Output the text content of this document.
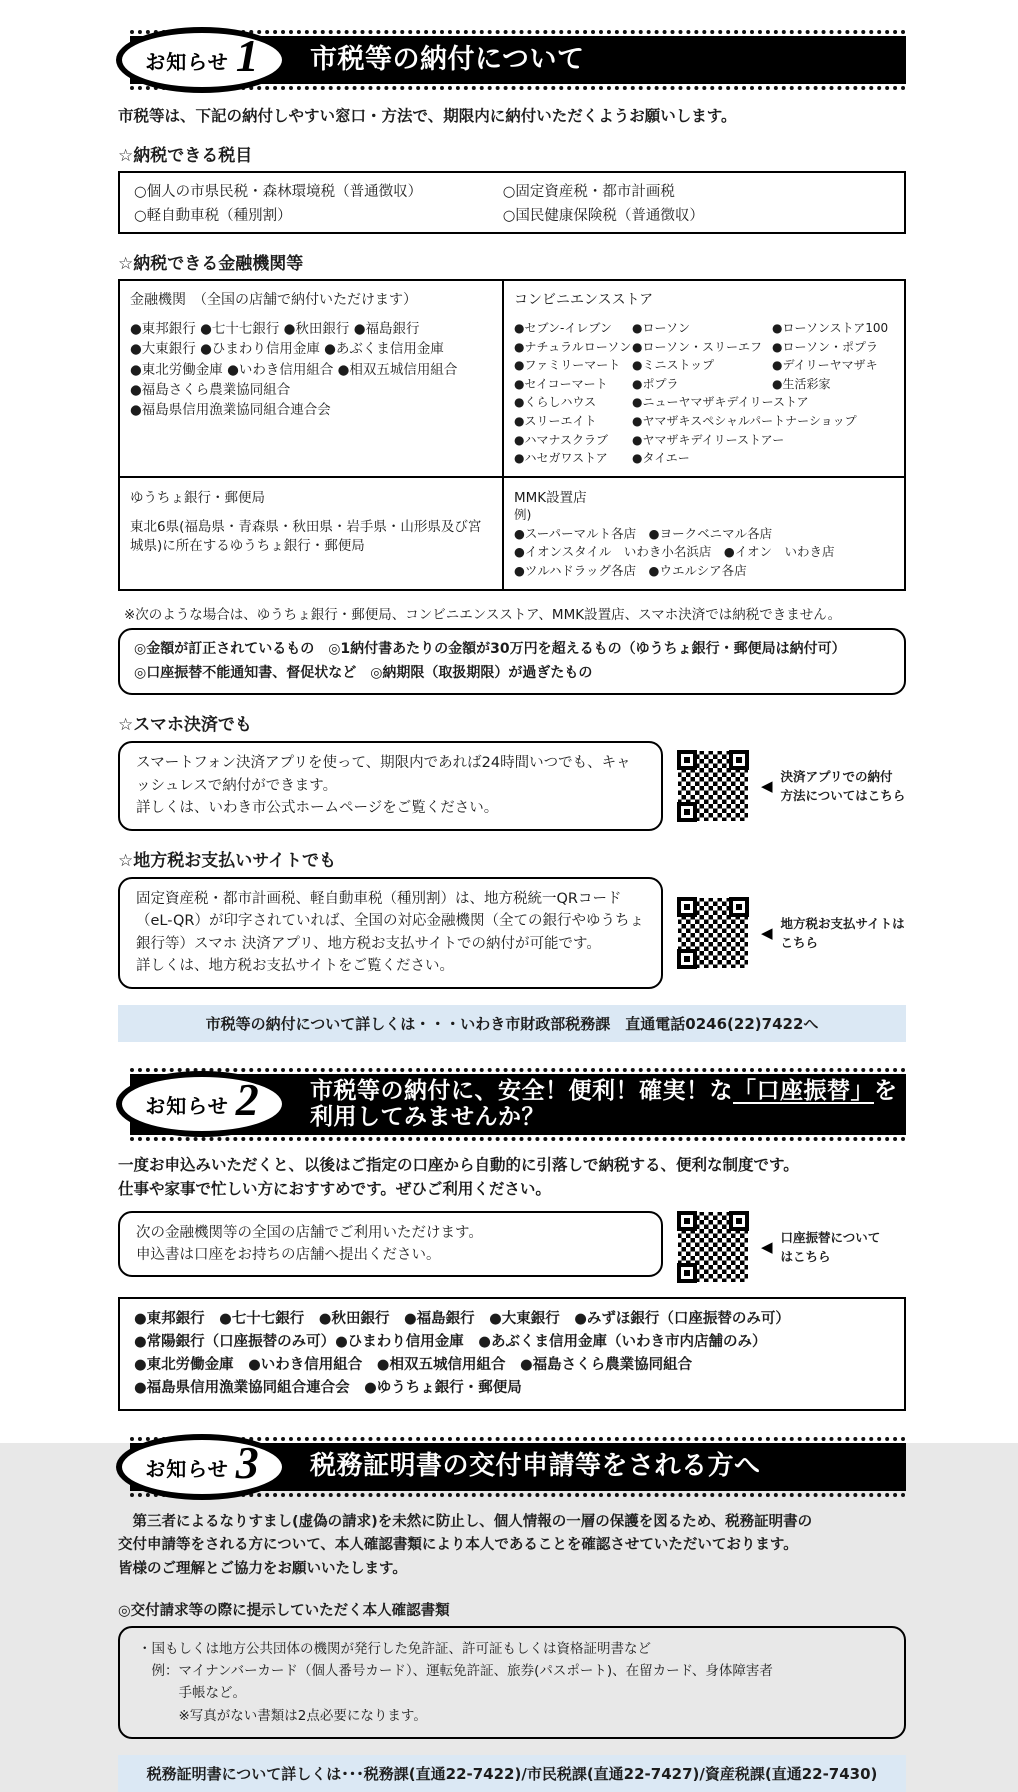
お知らせ 1 市税等の納付について
市税等は、下記の納付しやすい窓口・方法で、期限内に納付いただくようお願いします。
☆納税できる税目
○個人の市県民税・森林環境税（普通徴収）	○固定資産税・都市計画税
○軽自動車税（種別割）	○国民健康保険税（普通徴収）
☆納税できる金融機関等
金融機関　（全国の店舗で納付いただけます）
●東邦銀行 ●七十七銀行 ●秋田銀行 ●福島銀行
●大東銀行 ●ひまわり信用金庫 ●あぶくま信用金庫
●東北労働金庫 ●いわき信用組合 ●相双五城信用組合
●福島さくら農業協同組合
●福島県信用漁業協同組合連合会
コンビニエンスストア
●セブン-イレブン	●ローソン	●ローソンストア100
●ナチュラルローソン ●ローソン・スリーエフ ●ローソン・ポプラ
●ファミリーマート ●ミニストップ	●デイリーヤマザキ
●セイコーマート	●ポプラ	●生活彩家
●くらしハウス	●ニューヤマザキデイリーストア
●スリーエイト	●ヤマザキスペシャルパートナーショップ
●ハマナスクラブ	●ヤマザキデイリーストアー
●ハセガワストア	●タイエー
ゆうちょ銀行・郵便局
東北6県(福島県・青森県・秋田県・岩手県・山形県及び宮城県)に所在するゆうちょ銀行・郵便局
MMK設置店
例)
●スーパーマルト各店　●ヨークベニマル各店
●イオンスタイル　いわき小名浜店　●イオン　いわき店
●ツルハドラッグ各店　●ウエルシア各店
※次のような場合は、ゆうちょ銀行・郵便局、コンビニエンスストア、MMK設置店、スマホ決済では納税できません。
◎金額が訂正されているもの　◎1納付書あたりの金額が30万円を超えるもの（ゆうちょ銀行・郵便局は納付可）
◎口座振替不能通知書、督促状など　◎納期限（取扱期限）が過ぎたもの
☆スマホ決済でも
スマートフォン決済アプリを使って、期限内であれば24時間いつでも、キャッシュレスで納付ができます。
詳しくは、いわき市公式ホームページをご覧ください。
◀
決済アプリでの納付
方法についてはこちら
☆地方税お支払いサイトでも
固定資産税・都市計画税、軽自動車税（種別割）は、地方税統一QRコード（eL-QR）が印字されていれば、全国の対応金融機関（全ての銀行やゆうちょ銀行等）スマホ 決済アプリ、地方税お支払サイトでの納付が可能です。
詳しくは、地方税お支払サイトをご覧ください。
◀
地方税お支払サイトは
こちら
市税等の納付について詳しくは・・・いわき市財政部税務課　直通電話0246(22)7422へ
お知らせ 2 市税等の納付に、安全！便利！確実！な「口座振替」を
利用してみませんか？
一度お申込みいただくと、以後はご指定の口座から自動的に引落しで納税する、便利な制度です。
仕事や家事で忙しい方におすすめです。ぜひご利用ください。
次の金融機関等の全国の店舗でご利用いただけます。
申込書は口座をお持ちの店舗へ提出ください。	◀
口座振替について
はこちら
●東邦銀行　●七十七銀行　●秋田銀行　●福島銀行　●大東銀行　●みずほ銀行（口座振替のみ可）
●常陽銀行（口座振替のみ可）●ひまわり信用金庫　●あぶくま信用金庫（いわき市内店舗のみ）
●東北労働金庫　●いわき信用組合　●相双五城信用組合　●福島さくら農業協同組合
●福島県信用漁業協同組合連合会　●ゆうちょ銀行・郵便局
お知らせ 3 税務証明書の交付申請等をされる方へ
　第三者によるなりすまし(虚偽の請求)を未然に防止し、個人情報の一層の保護を図るため、税務証明書の
交付申請等をされる方について、本人確認書類により本人であることを確認させていただいております。
皆様のご理解とご協力をお願いいたします。
◎交付請求等の際に提示していただく本人確認書類
・国もしくは地方公共団体の機関が発行した免許証、許可証もしくは資格証明書など
　例：マイナンバーカード（個人番号カード）、運転免許証、旅券(パスポート)、在留カード、身体障害者
　　　手帳など。
　　　※写真がない書類は2点必要になります。
税務証明書について詳しくは･･･税務課(直通22-7422)/市民税課(直通22-7427)/資産税課(直通22-7430)
